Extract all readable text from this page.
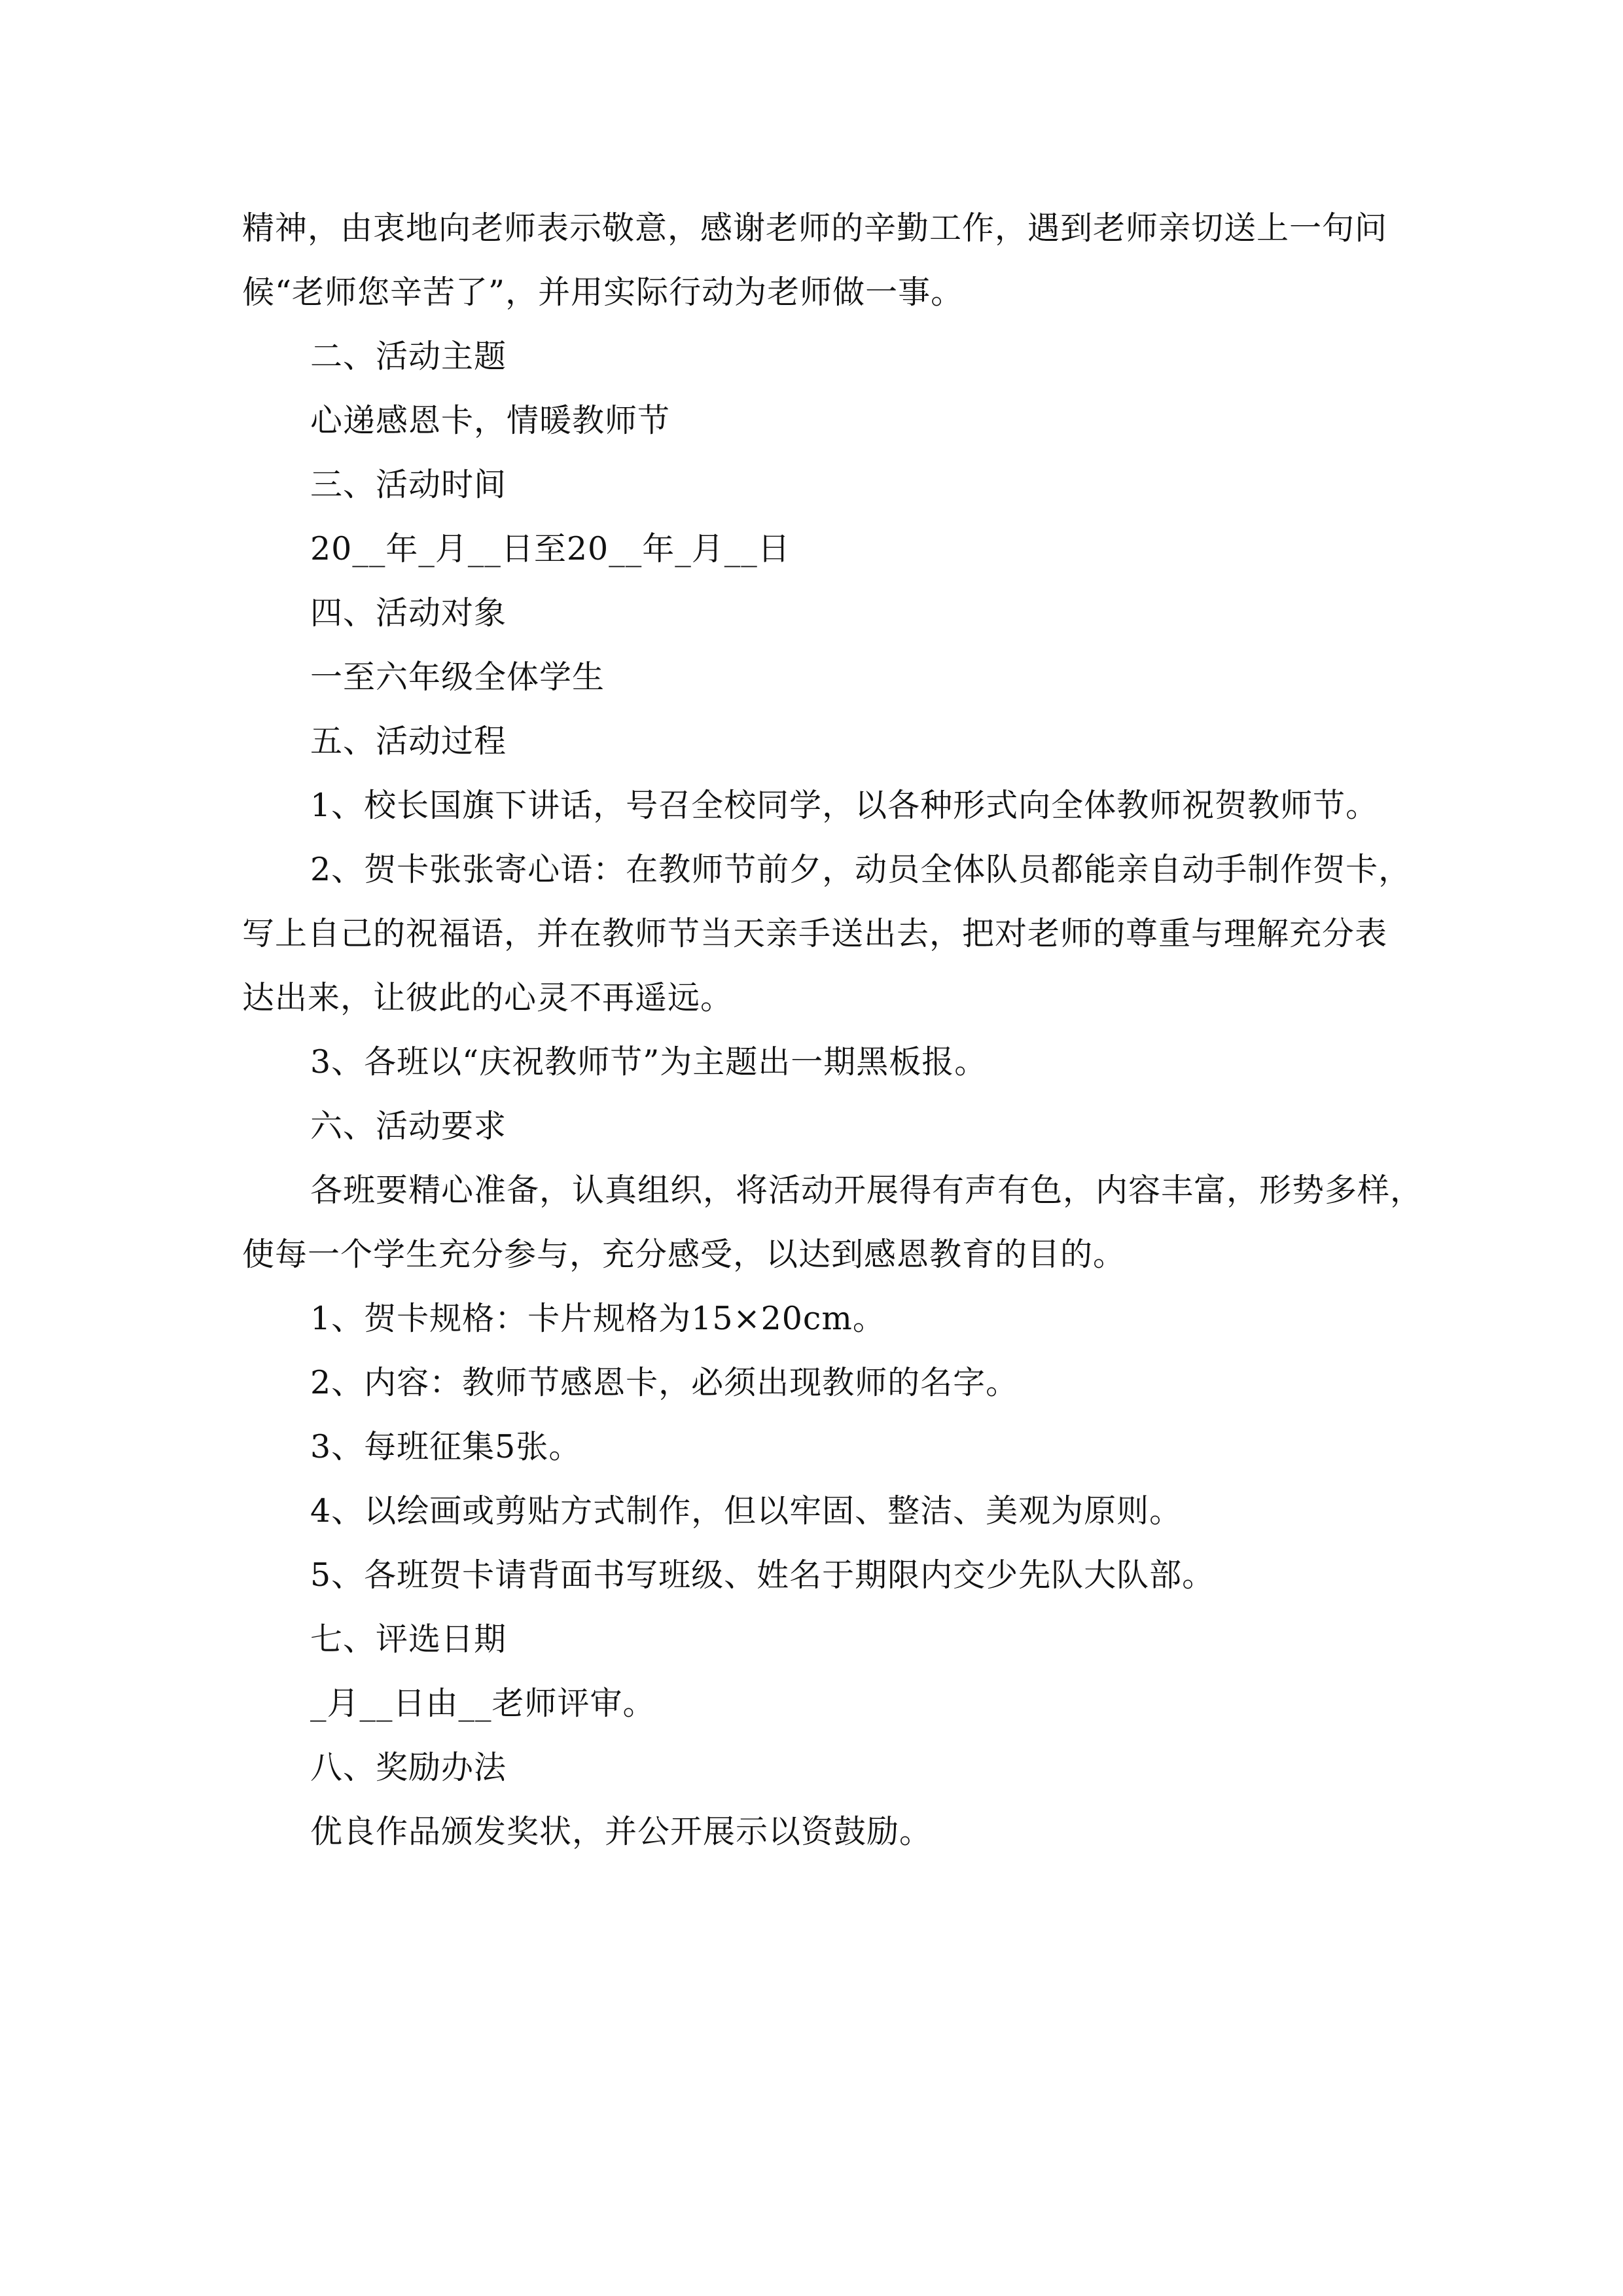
精神，由衷地向老师表示敬意，感谢老师的辛勤工作，遇到老师亲切送上一句问
候“老师您辛苦了”，并用实际行动为老师做一事。
二、活动主题
心递感恩卡，情暖教师节
三、活动时间
20__年_月__日至20__年_月__日
四、活动对象
一至六年级全体学生
五、活动过程
1、校长国旗下讲话，号召全校同学，以各种形式向全体教师祝贺教师节。
2、贺卡张张寄心语：在教师节前夕，动员全体队员都能亲自动手制作贺卡，
写上自己的祝福语，并在教师节当天亲手送出去，把对老师的尊重与理解充分表
达出来，让彼此的心灵不再遥远。
3、各班以“庆祝教师节”为主题出一期黑板报。
六、活动要求
各班要精心准备，认真组织，将活动开展得有声有色，内容丰富，形势多样，
使每一个学生充分参与，充分感受，以达到感恩教育的目的。
1、贺卡规格：卡片规格为15×20cm。
2、内容：教师节感恩卡，必须出现教师的名字。
3、每班征集5张。
4、以绘画或剪贴方式制作，但以牢固、整洁、美观为原则。
5、各班贺卡请背面书写班级、姓名于期限内交少先队大队部。
七、评选日期
_月__日由__老师评审。
八、奖励办法
优良作品颁发奖状，并公开展示以资鼓励。
